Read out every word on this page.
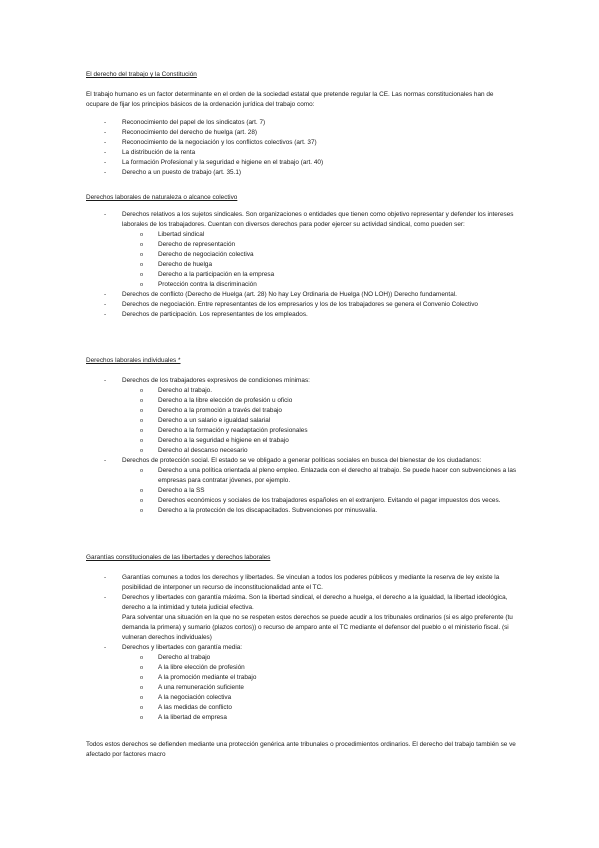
El derecho del trabajo y la Constitución
El trabajo humano es un factor determinante en el orden de la sociedad estatal que pretende regular la CE. Las normas constitucionales han de ocupare de fijar los principios básicos de la ordenación jurídica del trabajo como:
- Reconocimiento del papel de los sindicatos (art. 7)
- Reconocimiento del derecho de huelga (art. 28)
- Reconocimiento de la negociación y los conflictos colectivos (art. 37)
- La distribución de la renta
- La formación Profesional y la seguridad e higiene en el trabajo (art. 40)
- Derecho a un puesto de trabajo (art. 35.1)
Derechos laborales de naturaleza o alcance colectivo
- Derechos relativos a los sujetos sindicales. Son organizaciones o entidades que tienen como objetivo representar y defender los intereses laborales de los trabajadores. Cuentan con diversos derechos para poder ejercer su actividad sindical, como pueden ser:
o Libertad sindical
o Derecho de representación
o Derecho de negociación colectiva
o Derecho de huelga
o Derecho a la participación en la empresa
o Protección contra la discriminación
- Derechos de conflicto (Derecho de Huelga (art. 28) No hay Ley Ordinaria de Huelga (NO LOH)) Derecho fundamental.
- Derechos de negociación. Entre representantes de los empresarios y los de los trabajadores se genera el Convenio Colectivo
- Derechos de participación. Los representantes de los empleados.
Derechos laborales individuales *
- Derechos de los trabajadores expresivos de condiciones mínimas:
o Derecho al trabajo.
o Derecho a la libre elección de profesión u oficio
o Derecho a la promoción a través del trabajo
o Derecho a un salario e igualdad salarial
o Derecho a la formación y readaptación profesionales
o Derecho a la seguridad e higiene en el trabajo
o Derecho al descanso necesario
- Derechos de protección social. El estado se ve obligado a generar políticas sociales en busca del bienestar de los ciudadanos:
o Derecho a una política orientada al pleno empleo. Enlazada con el derecho al trabajo. Se puede hacer con subvenciones a las empresas para contratar jóvenes, por ejemplo.
o Derecho a la SS
o Derechos económicos y sociales de los trabajadores españoles en el extranjero. Evitando el pagar impuestos dos veces.
o Derecho a la protección de los discapacitados. Subvenciones por minusvalía.
Garantías constitucionales de las libertades y derechos laborales
- Garantías comunes a todos los derechos y libertades. Se vinculan a todos los poderes públicos y mediante la reserva de ley existe la posibilidad de interponer un recurso de inconstitucionalidad ante el TC.
- Derechos y libertades con garantía máxima. Son la libertad sindical, el derecho a huelga, el derecho a la igualdad, la libertad ideológica, derecho a la intimidad y tutela judicial efectiva.
Para solventar una situación en la que no se respeten estos derechos se puede acudir a los tribunales ordinarios (si es algo preferente (tu demanda la primera) y sumario (plazos cortos)) o recurso de amparo ante el TC mediante el defensor del pueblo o el ministerio fiscal. (si vulneran derechos individuales)
- Derechos y libertades con garantía media:
o Derecho al trabajo
o A la libre elección de profesión
o A la promoción mediante el trabajo
o A una remuneración suficiente
o A la negociación colectiva
o A las medidas de conflicto
o A la libertad de empresa
Todos estos derechos se defienden mediante una protección genérica ante tribunales o procedimientos ordinarios. El derecho del trabajo también se ve afectado por factores macro
